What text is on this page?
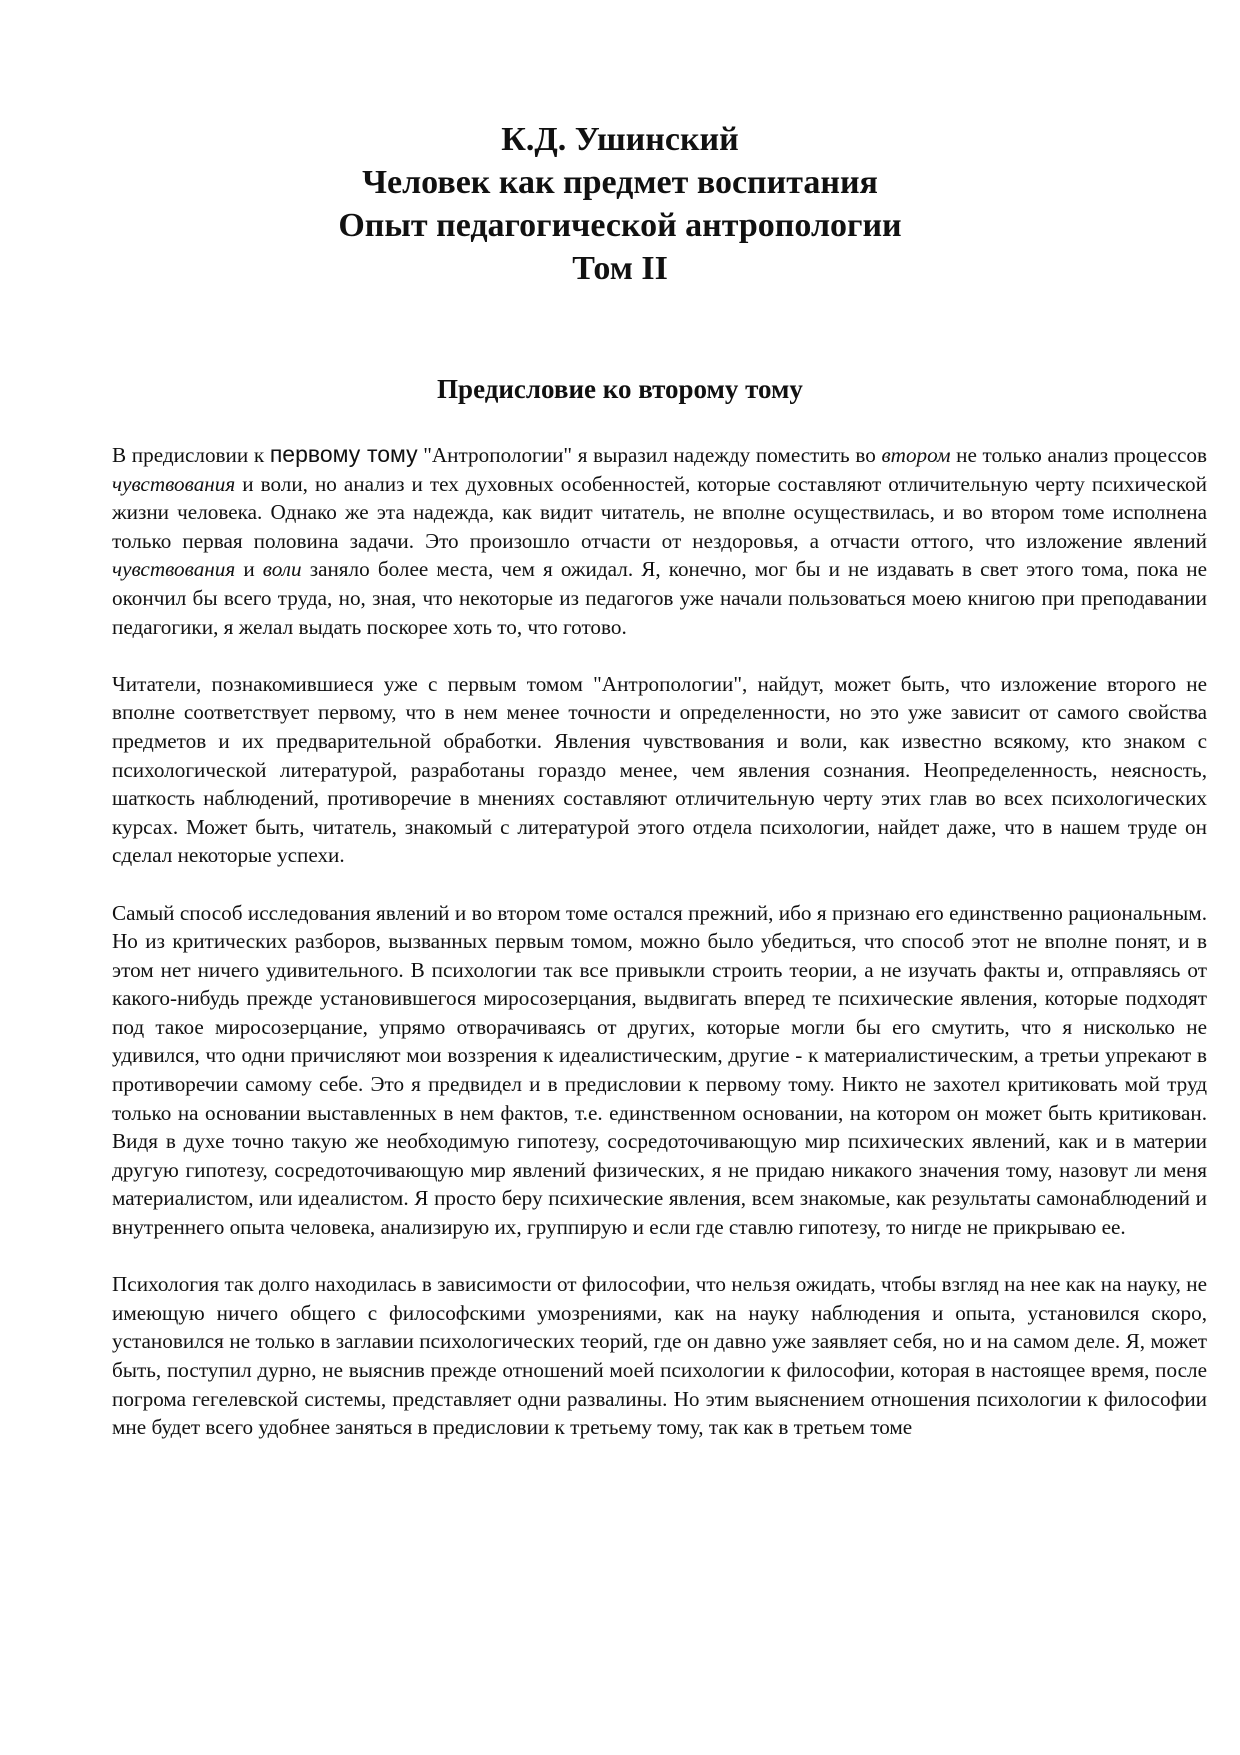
К.Д. Ушинский
Человек как предмет воспитания
Опыт педагогической антропологии
Том II
Предисловие ко второму тому

В предисловии к первому тому "Антропологии" я выразил надежду поместить во втором не только анализ процессов чувствования и воли, но анализ и тех духовных особенностей, которые составляют отличительную черту психической жизни человека. Однако же эта надежда, как видит читатель, не вполне осуществилась, и во втором томе исполнена только первая половина задачи. Это произошло отчасти от нездоровья, а отчасти оттого, что изложение явлений чувствования и воли заняло более места, чем я ожидал. Я, конечно, мог бы и не издавать в свет этого тома, пока не окончил бы всего труда, но, зная, что некоторые из педагогов уже начали пользоваться моею книгою при преподавании педагогики, я желал выдать поскорее хоть то, что готово.

Читатели, познакомившиеся уже с первым томом "Антропологии", найдут, может быть, что изложение второго не вполне соответствует первому, что в нем менее точности и определенности, но это уже зависит от самого свойства предметов и их предварительной обработки. Явления чувствования и воли, как известно всякому, кто знаком с психологической литературой, разработаны гораздо менее, чем явления сознания. Неопределенность, неясность, шаткость наблюдений, противоречие в мнениях составляют отличительную черту этих глав во всех психологических курсах. Может быть, читатель, знакомый с литературой этого отдела психологии, найдет даже, что в нашем труде он сделал некоторые успехи.

Самый способ исследования явлений и во втором томе остался прежний, ибо я признаю его единственно рациональным. Но из критических разборов, вызванных первым томом, можно было убедиться, что способ этот не вполне понят, и в этом нет ничего удивительного. В психологии так все привыкли строить теории, а не изучать факты и, отправляясь от какого-нибудь прежде установившегося миросозерцания, выдвигать вперед те психические явления, которые подходят под такое миросозерцание, упрямо отворачиваясь от других, которые могли бы его смутить, что я нисколько не удивился, что одни причисляют мои воззрения к идеалистическим, другие - к материалистическим, а третьи упрекают в противоречии самому себе. Это я предвидел и в предисловии к первому тому. Никто не захотел критиковать мой труд только на основании выставленных в нем фактов, т.е. единственном основании, на котором он может быть критикован. Видя в духе точно такую же необходимую гипотезу, сосредоточивающую мир психических явлений, как и в материи другую гипотезу, сосредоточивающую мир явлений физических, я не придаю никакого значения тому, назовут ли меня материалистом, или идеалистом. Я просто беру психические явления, всем знакомые, как результаты самонаблюдений и внутреннего опыта человека, анализирую их, группирую и если где ставлю гипотезу, то нигде не прикрываю ее.

Психология так долго находилась в зависимости от философии, что нельзя ожидать, чтобы взгляд на нее как на науку, не имеющую ничего общего с философскими умозрениями, как на науку наблюдения и опыта, установился скоро, установился не только в заглавии психологических теорий, где он давно уже заявляет себя, но и на самом деле. Я, может быть, поступил дурно, не выяснив прежде отношений моей психологии к философии, которая в настоящее время, после погрома гегелевской системы, представляет одни развалины. Но этим выяснением отношения психологии к философии мне будет всего удобнее заняться в предисловии к третьему тому, так как в третьем томе
